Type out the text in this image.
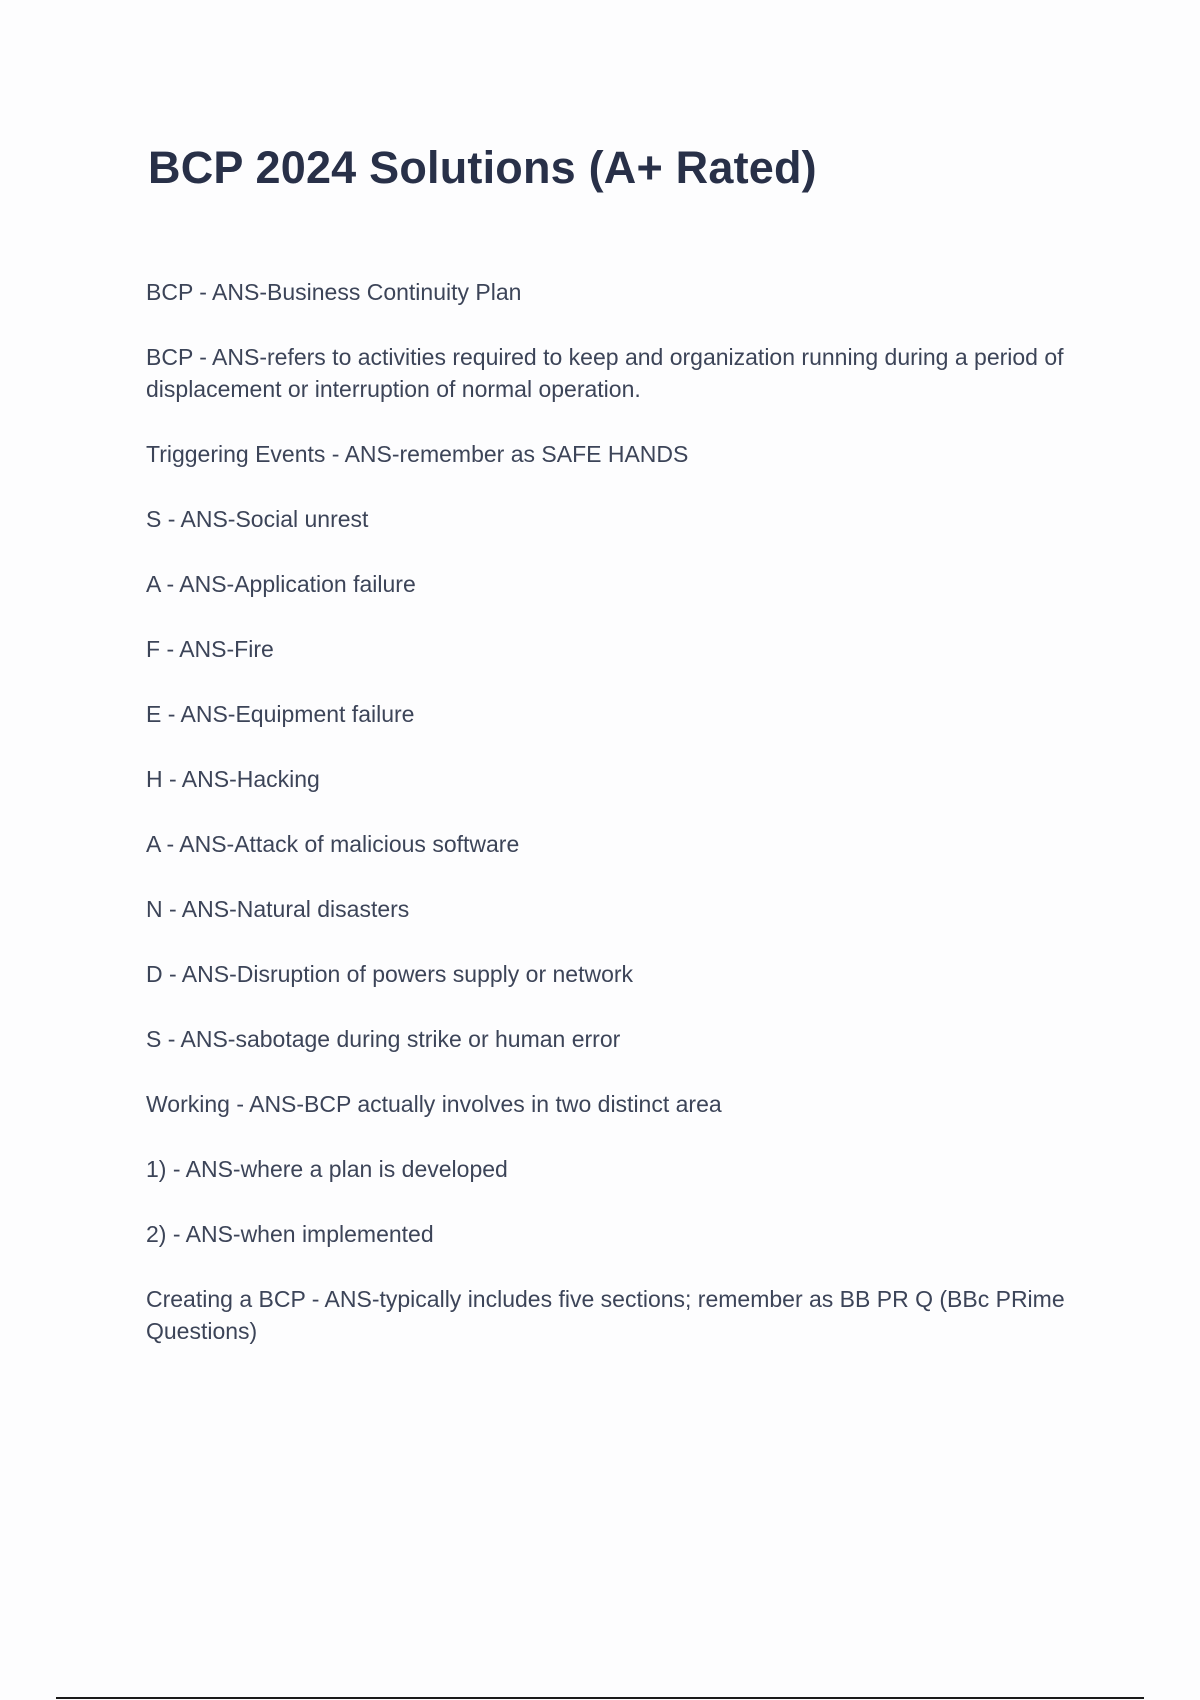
BCP 2024 Solutions (A+ Rated)
BCP - ANS-Business Continuity Plan
BCP - ANS-refers to activities required to keep and organization running during a period of displacement or interruption of normal operation.
Triggering Events - ANS-remember as SAFE HANDS
S - ANS-Social unrest
A - ANS-Application failure
F - ANS-Fire
E - ANS-Equipment failure
H - ANS-Hacking
A - ANS-Attack of malicious software
N - ANS-Natural disasters
D - ANS-Disruption of powers supply or network
S - ANS-sabotage during strike or human error
Working - ANS-BCP actually involves in two distinct area
1) - ANS-where a plan is developed
2) - ANS-when implemented
Creating a BCP - ANS-typically includes five sections; remember as BB PR Q (BBc PRime Questions)
